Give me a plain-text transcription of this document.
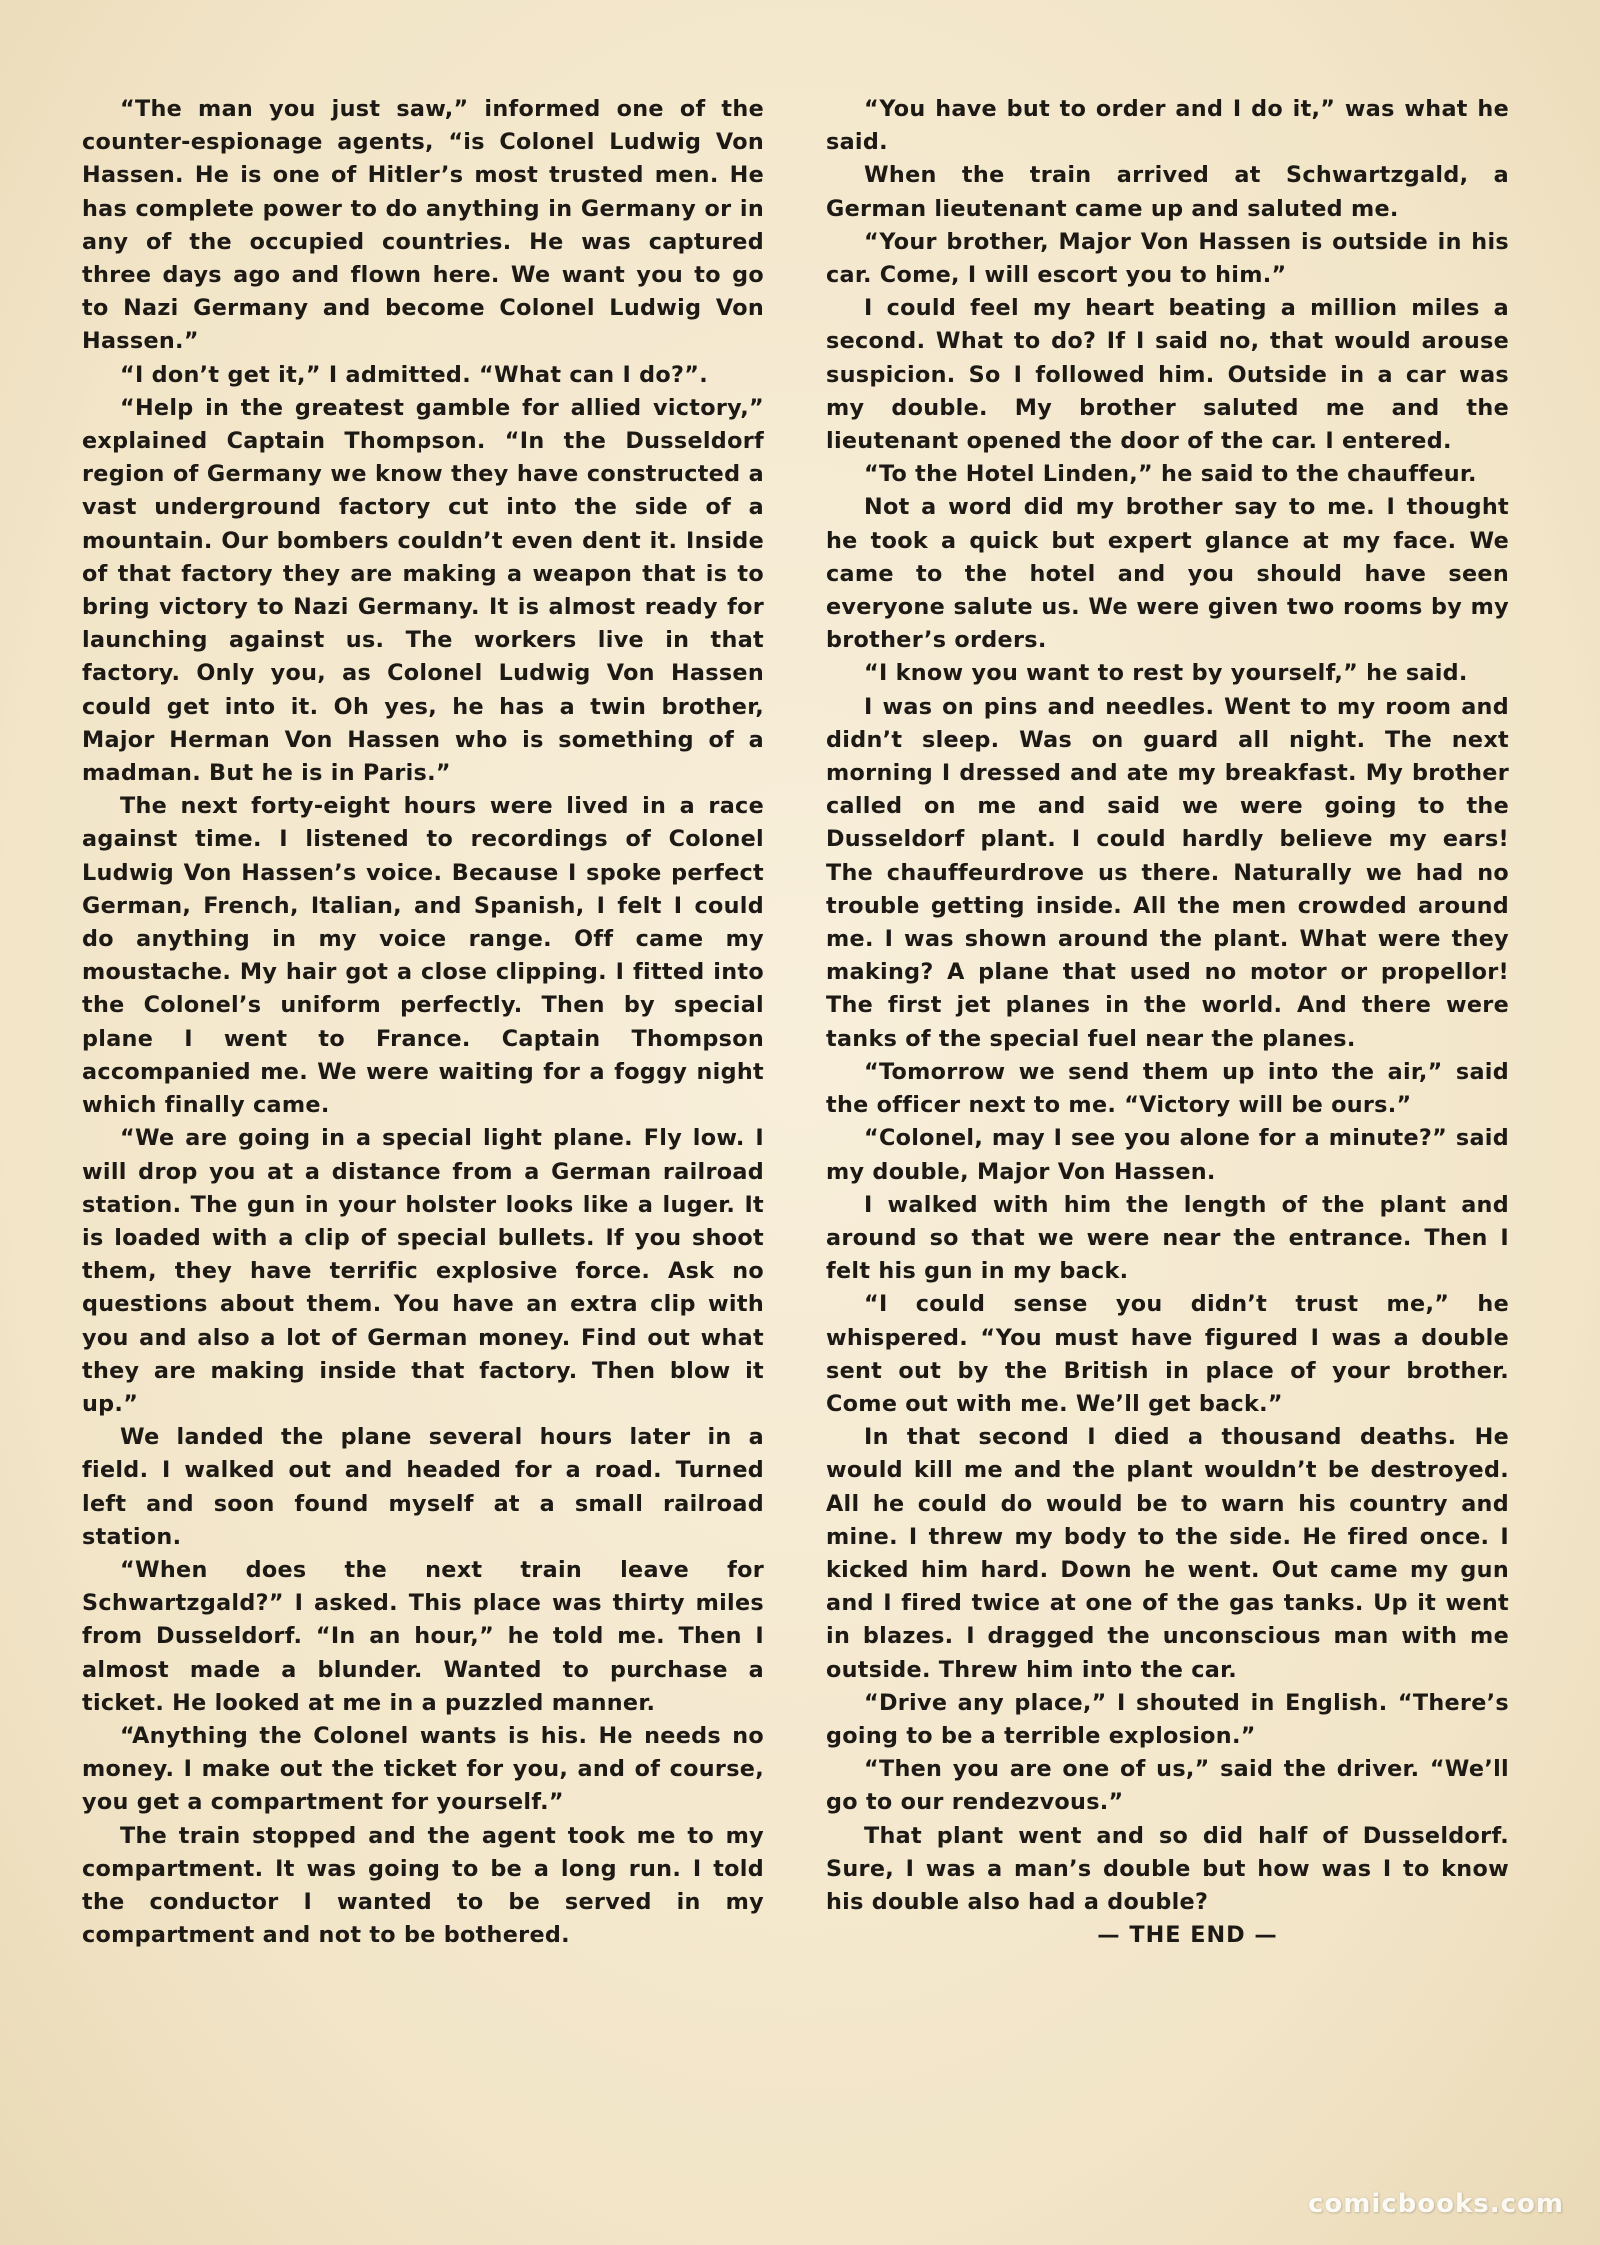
“The man you just saw,” informed one of the counter-espionage agents, “is Colonel Ludwig Von Hassen. He is one of Hitler’s most trusted men. He has complete power to do anything in Germany or in any of the occupied countries. He was captured three days ago and flown here. We want you to go to Nazi Germany and become Colonel Ludwig Von Hassen.”

“I don’t get it,” I admitted. “What can I do?”.

“Help in the greatest gamble for allied victory,” explained Captain Thompson. “In the Dusseldorf region of Germany we know they have constructed a vast underground factory cut into the side of a mountain. Our bombers couldn’t even dent it. Inside of that factory they are making a weapon that is to bring victory to Nazi Germany. It is almost ready for launching against us. The workers live in that factory. Only you, as Colonel Ludwig Von Hassen could get into it. Oh yes, he has a twin brother, Major Herman Von Hassen who is something of a madman. But he is in Paris.”

The next forty-eight hours were lived in a race against time. I listened to recordings of Colonel Ludwig Von Hassen’s voice. Because I spoke perfect German, French, Italian, and Spanish, I felt I could do anything in my voice range. Off came my moustache. My hair got a close clipping. I fitted into the Colonel’s uniform perfectly. Then by special plane I went to France. Captain Thompson accompanied me. We were waiting for a foggy night which finally came.

“We are going in a special light plane. Fly low. I will drop you at a distance from a German railroad station. The gun in your holster looks like a luger. It is loaded with a clip of special bullets. If you shoot them, they have terrific explosive force. Ask no questions about them. You have an extra clip with you and also a lot of German money. Find out what they are making inside that factory. Then blow it up.”

We landed the plane several hours later in a field. I walked out and headed for a road. Turned left and soon found myself at a small railroad station.

“When does the next train leave for Schwartzgald?” I asked. This place was thirty miles from Dusseldorf. “In an hour,” he told me. Then I almost made a blunder. Wanted to purchase a ticket. He looked at me in a puzzled manner.

“Anything the Colonel wants is his. He needs no money. I make out the ticket for you, and of course, you get a compartment for yourself.”

The train stopped and the agent took me to my compartment. It was going to be a long run. I told the conductor I wanted to be served in my compartment and not to be bothered.

“You have but to order and I do it,” was what he said.

When the train arrived at Schwartzgald, a German lieutenant came up and saluted me.

“Your brother, Major Von Hassen is outside in his car. Come, I will escort you to him.”

I could feel my heart beating a million miles a second. What to do? If I said no, that would arouse suspicion. So I followed him. Outside in a car was my double. My brother saluted me and the lieutenant opened the door of the car. I entered.

“To the Hotel Linden,” he said to the chauffeur.

Not a word did my brother say to me. I thought he took a quick but expert glance at my face. We came to the hotel and you should have seen everyone salute us. We were given two rooms by my brother’s orders.

“I know you want to rest by yourself,” he said.

I was on pins and needles. Went to my room and didn’t sleep. Was on guard all night. The next morning I dressed and ate my breakfast. My brother called on me and said we were going to the Dusseldorf plant. I could hardly believe my ears! The chauffeurdrove us there. Naturally we had no trouble getting inside. All the men crowded around me. I was shown around the plant. What were they making? A plane that used no motor or propellor! The first jet planes in the world. And there were tanks of the special fuel near the planes.

“Tomorrow we send them up into the air,” said the officer next to me. “Victory will be ours.”

“Colonel, may I see you alone for a minute?” said my double, Major Von Hassen.

I walked with him the length of the plant and around so that we were near the entrance. Then I felt his gun in my back.

“I could sense you didn’t trust me,” he whispered. “You must have figured I was a double sent out by the British in place of your brother. Come out with me. We’ll get back.”

In that second I died a thousand deaths. He would kill me and the plant wouldn’t be destroyed. All he could do would be to warn his country and mine. I threw my body to the side. He fired once. I kicked him hard. Down he went. Out came my gun and I fired twice at one of the gas tanks. Up it went in blazes. I dragged the unconscious man with me outside. Threw him into the car.

“Drive any place,” I shouted in English. “There’s going to be a terrible explosion.”

“Then you are one of us,” said the driver. “We’ll go to our rendezvous.”

That plant went and so did half of Dusseldorf. Sure, I was a man’s double but how was I to know his double also had a double?

— THE END —

comicbooks.com
